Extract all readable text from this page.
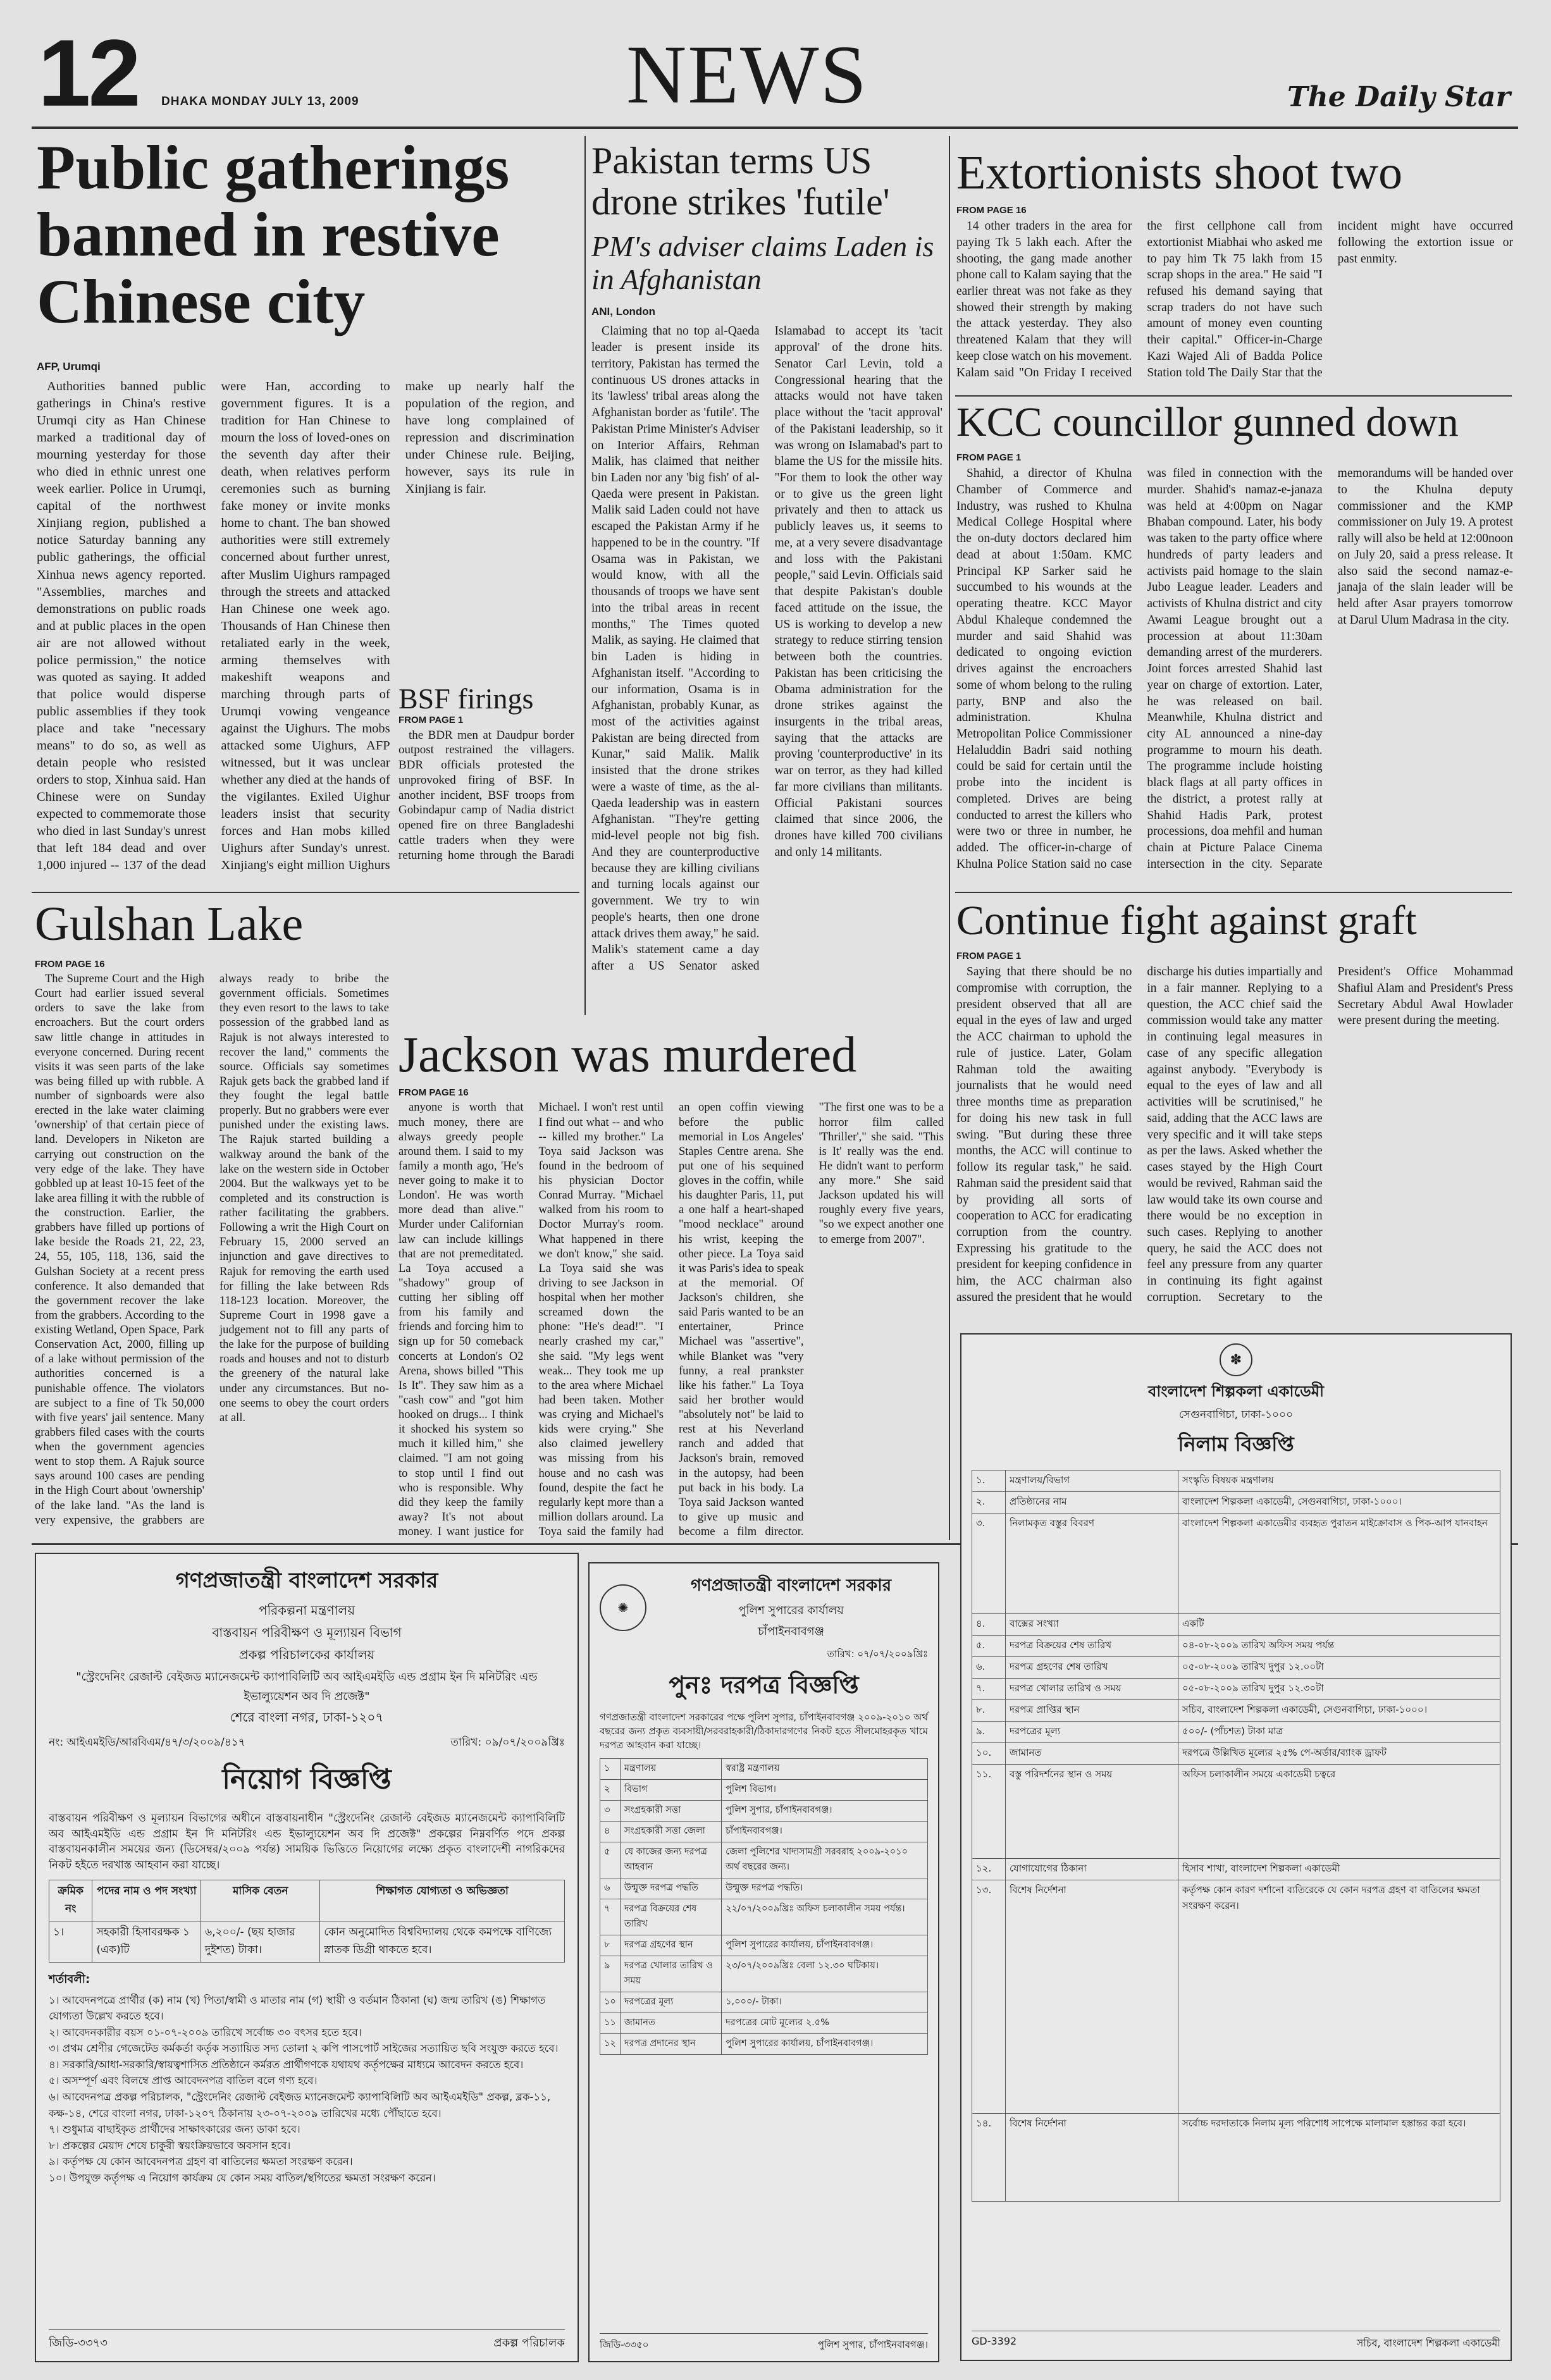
12 DHAKA MONDAY JULY 13, 2009	NEWS	The Daily Star
Public gatherings banned in restive Chinese city

AFP, Urumqi

Authorities banned public gatherings in China's restive Urumqi city as Han Chinese marked a traditional day of mourning yesterday for those who died in ethnic unrest one week earlier. Police in Urumqi, capital of the northwest Xinjiang region, published a notice Saturday banning any public gatherings, the official Xinhua news agency reported. "Assemblies, marches and demonstrations on public roads and at public places in the open air are not allowed without police permission," the notice was quoted as saying. It added that police would disperse public assemblies if they took place and take "necessary means" to do so, as well as detain people who resisted orders to stop, Xinhua said. Han Chinese were on Sunday expected to commemorate those who died in last Sunday's unrest that left 184 dead and over 1,000 injured -- 137 of the dead were Han, according to government figures. It is a tradition for Han Chinese to mourn the loss of loved-ones on the seventh day after their death, when relatives perform ceremonies such as burning fake money or invite monks home to chant. The ban showed authorities were still extremely concerned about further unrest, after Muslim Uighurs rampaged through the streets and attacked Han Chinese one week ago. Thousands of Han Chinese then retaliated early in the week, arming themselves with makeshift weapons and marching through parts of Urumqi vowing vengeance against the Uighurs. The mobs attacked some Uighurs, AFP witnessed, but it was unclear whether any died at the hands of the vigilantes. Exiled Uighur leaders insist that security forces and Han mobs killed Uighurs after Sunday's unrest. Xinjiang's eight million Uighurs make up nearly half the population of the region, and have long complained of repression and discrimination under Chinese rule. Beijing, however, says its rule in Xinjiang is fair.

BSF firings

FROM PAGE 1

the BDR men at Daudpur border outpost restrained the villagers. BDR officials protested the unprovoked firing of BSF. In another incident, BSF troops from Gobindapur camp of Nadia district opened fire on three Bangladeshi cattle traders when they were returning home through the Baradi

Pakistan terms US drone strikes 'futile'

PM's adviser claims Laden is in Afghanistan

ANI, London

Claiming that no top al-Qaeda leader is present inside its territory, Pakistan has termed the continuous US drones attacks in its 'lawless' tribal areas along the Afghanistan border as 'futile'. The Pakistan Prime Minister's Adviser on Interior Affairs, Rehman Malik, has claimed that neither bin Laden nor any 'big fish' of al-Qaeda were present in Pakistan. Malik said Laden could not have escaped the Pakistan Army if he happened to be in the country. "If Osama was in Pakistan, we would know, with all the thousands of troops we have sent into the tribal areas in recent months," The Times quoted Malik, as saying. He claimed that bin Laden is hiding in Afghanistan itself. "According to our information, Osama is in Afghanistan, probably Kunar, as most of the activities against Pakistan are being directed from Kunar," said Malik. Malik insisted that the drone strikes were a waste of time, as the al-Qaeda leadership was in eastern Afghanistan. "They're getting mid-level people not big fish. And they are counterproductive because they are killing civilians and turning locals against our government. We try to win people's hearts, then one drone attack drives them away," he said. Malik's statement came a day after a US Senator asked Islamabad to accept its 'tacit approval' of the drone hits. Senator Carl Levin, told a Congressional hearing that the attacks would not have taken place without the 'tacit approval' of the Pakistani leadership, so it was wrong on Islamabad's part to blame the US for the missile hits. "For them to look the other way or to give us the green light privately and then to attack us publicly leaves us, it seems to me, at a very severe disadvantage and loss with the Pakistani people," said Levin. Officials said that despite Pakistan's double faced attitude on the issue, the US is working to develop a new strategy to reduce stirring tension between both the countries. Pakistan has been criticising the Obama administration for the drone strikes against the insurgents in the tribal areas, saying that the attacks are proving 'counterproductive' in its war on terror, as they had killed far more civilians than militants. Official Pakistani sources claimed that since 2006, the drones have killed 700 civilians and only 14 militants.

Extortionists shoot two

FROM PAGE 16

14 other traders in the area for paying Tk 5 lakh each. After the shooting, the gang made another phone call to Kalam saying that the earlier threat was not fake as they showed their strength by making the attack yesterday. They also threatened Kalam that they will keep close watch on his movement. Kalam said "On Friday I received the first cellphone call from extortionist Miabhai who asked me to pay him Tk 75 lakh from 15 scrap shops in the area." He said "I refused his demand saying that scrap traders do not have such amount of money even counting their capital." Officer-in-Charge Kazi Wajed Ali of Badda Police Station told The Daily Star that the incident might have occurred following the extortion issue or past enmity.

KCC councillor gunned down

FROM PAGE 1

Shahid, a director of Khulna Chamber of Commerce and Industry, was rushed to Khulna Medical College Hospital where the on-duty doctors declared him dead at about 1:50am. KMC Principal KP Sarker said he succumbed to his wounds at the operating theatre. KCC Mayor Abdul Khaleque condemned the murder and said Shahid was dedicated to ongoing eviction drives against the encroachers some of whom belong to the ruling party, BNP and also the administration. Khulna Metropolitan Police Commissioner Helaluddin Badri said nothing could be said for certain until the probe into the incident is completed. Drives are being conducted to arrest the killers who were two or three in number, he added. The officer-in-charge of Khulna Police Station said no case was filed in connection with the murder. Shahid's namaz-e-janaza was held at 4:00pm on Nagar Bhaban compound. Later, his body was taken to the party office where hundreds of party leaders and activists paid homage to the slain Jubo League leader. Leaders and activists of Khulna district and city Awami League brought out a procession at about 11:30am demanding arrest of the murderers. Joint forces arrested Shahid last year on charge of extortion. Later, he was released on bail. Meanwhile, Khulna district and city AL announced a nine-day programme to mourn his death. The programme include hoisting black flags at all party offices in the district, a protest rally at Shahid Hadis Park, protest processions, doa mehfil and human chain at Picture Palace Cinema intersection in the city. Separate memorandums will be handed over to the Khulna deputy commissioner and the KMP commissioner on July 19. A protest rally will also be held at 12:00noon on July 20, said a press release. It also said the second namaz-e-janaja of the slain leader will be held after Asar prayers tomorrow at Darul Ulum Madrasa in the city.

Gulshan Lake

FROM PAGE 16

The Supreme Court and the High Court had earlier issued several orders to save the lake from encroachers. But the court orders saw little change in attitudes in everyone concerned. During recent visits it was seen parts of the lake was being filled up with rubble. A number of signboards were also erected in the lake water claiming 'ownership' of that certain piece of land. Developers in Niketon are carrying out construction on the very edge of the lake. They have gobbled up at least 10-15 feet of the lake area filling it with the rubble of the construction. Earlier, the grabbers have filled up portions of lake beside the Roads 21, 22, 23, 24, 55, 105, 118, 136, said the Gulshan Society at a recent press conference. It also demanded that the government recover the lake from the grabbers. According to the existing Wetland, Open Space, Park Conservation Act, 2000, filling up of a lake without permission of the authorities concerned is a punishable offence. The violators are subject to a fine of Tk 50,000 with five years' jail sentence. Many grabbers filed cases with the courts when the government agencies went to stop them. A Rajuk source says around 100 cases are pending in the High Court about 'ownership' of the lake land. "As the land is very expensive, the grabbers are always ready to bribe the government officials. Sometimes they even resort to the laws to take possession of the grabbed land as Rajuk is not always interested to recover the land," comments the source. Officials say sometimes Rajuk gets back the grabbed land if they fought the legal battle properly. But no grabbers were ever punished under the existing laws. The Rajuk started building a walkway around the bank of the lake on the western side in October 2004. But the walkways yet to be completed and its construction is rather facilitating the grabbers. Following a writ the High Court on February 15, 2000 served an injunction and gave directives to Rajuk for removing the earth used for filling the lake between Rds 118-123 location. Moreover, the Supreme Court in 1998 gave a judgement not to fill any parts of the lake for the purpose of building roads and houses and not to disturb the greenery of the natural lake under any circumstances. But no-one seems to obey the court orders at all.

Jackson was murdered

FROM PAGE 16

anyone is worth that much money, there are always greedy people around them. I said to my family a month ago, 'He's never going to make it to London'. He was worth more dead than alive." Murder under Californian law can include killings that are not premeditated. La Toya accused a "shadowy" group of cutting her sibling off from his family and friends and forcing him to sign up for 50 comeback concerts at London's O2 Arena, shows billed "This Is It". They saw him as a "cash cow" and "got him hooked on drugs... I think it shocked his system so much it killed him," she claimed. "I am not going to stop until I find out who is responsible. Why did they keep the family away? It's not about money. I want justice for Michael. I won't rest until I find out what -- and who -- killed my brother." La Toya said Jackson was found in the bedroom of his physician Doctor Conrad Murray. "Michael walked from his room to Doctor Murray's room. What happened in there we don't know," she said. La Toya said she was driving to see Jackson in hospital when her mother screamed down the phone: "He's dead!". "I nearly crashed my car," she said. "My legs went weak... They took me up to the area where Michael had been taken. Mother was crying and Michael's kids were crying." She also claimed jewellery was missing from his house and no cash was found, despite the fact he regularly kept more than a million dollars around. La Toya said the family had an open coffin viewing before the public memorial in Los Angeles' Staples Centre arena. She put one of his sequined gloves in the coffin, while his daughter Paris, 11, put a one half a heart-shaped "mood necklace" around his wrist, keeping the other piece. La Toya said it was Paris's idea to speak at the memorial. Of Jackson's children, she said Paris wanted to be an entertainer, Prince Michael was "assertive", while Blanket was "very funny, a real prankster like his father." La Toya said her brother would "absolutely not" be laid to rest at his Neverland ranch and added that Jackson's brain, removed in the autopsy, had been put back in his body. La Toya said Jackson wanted to give up music and become a film director. "The first one was to be a horror film called 'Thriller'," she said. "This is It' really was the end. He didn't want to perform any more." She said Jackson updated his will roughly every five years, "so we expect another one to emerge from 2007".

Continue fight against graft

FROM PAGE 1

Saying that there should be no compromise with corruption, the president observed that all are equal in the eyes of law and urged the ACC chairman to uphold the rule of justice. Later, Golam Rahman told the awaiting journalists that he would need three months time as preparation for doing his new task in full swing. "But during these three months, the ACC will continue to follow its regular task," he said. Rahman said the president said that by providing all sorts of cooperation to ACC for eradicating corruption from the country. Expressing his gratitude to the president for keeping confidence in him, the ACC chairman also assured the president that he would discharge his duties impartially and in a fair manner. Replying to a question, the ACC chief said the commission would take any matter in continuing legal measures in case of any specific allegation against anybody. "Everybody is equal to the eyes of law and all activities will be scrutinised," he said, adding that the ACC laws are very specific and it will take steps as per the laws. Asked whether the cases stayed by the High Court would be revived, Rahman said the law would take its own course and there would be no exception in such cases. Replying to another query, he said the ACC does not feel any pressure from any quarter in continuing its fight against corruption. Secretary to the President's Office Mohammad Shafiul Alam and President's Press Secretary Abdul Awal Howlader were present during the meeting.

গণপ্রজাতন্ত্রী বাংলাদেশ সরকার

পরিকল্পনা মন্ত্রণালয়

বাস্তবায়ন পরিবীক্ষণ ও মূল্যায়ন বিভাগ

প্রকল্প পরিচালকের কার্যালয়

"স্ট্রেংদেনিং রেজাল্ট বেইজড ম্যানেজমেন্ট ক্যাপাবিলিটি অব আইএমইডি এন্ড প্রগ্রাম ইন দি মনিটরিং এন্ড ইভাল্যুয়েশন অব দি প্রজেক্ট"

শেরে বাংলা নগর, ঢাকা-১২০৭

নং: আইএমইডি/আরবিএম/৪৭/৩/২০০৯/৪১৭	তারিখ: ০৯/০৭/২০০৯খ্রিঃ

নিয়োগ বিজ্ঞপ্তি

বাস্তবায়ন পরিবীক্ষণ ও মূল্যায়ন বিভাগের অধীনে বাস্তবায়নাধীন "স্ট্রেংদেনিং রেজাল্ট বেইজড ম্যানেজমেন্ট ক্যাপাবিলিটি অব আইএমইডি এন্ড প্রগ্রাম ইন দি মনিটরিং এন্ড ইভাল্যুয়েশন অব দি প্রজেক্ট" প্রকল্পের নিম্নবর্ণিত পদে প্রকল্প বাস্তবায়নকালীন সময়ের জন্য (ডিসেম্বর/২০০৯ পর্যন্ত) সাময়িক ভিত্তিতে নিয়োগের লক্ষ্যে প্রকৃত বাংলাদেশী নাগরিকদের নিকট হইতে দরখাস্ত আহবান করা যাচ্ছে।

ক্রমিক নং	পদের নাম ও পদ সংখ্যা	মাসিক বেতন	শিক্ষাগত যোগ্যতা ও অভিজ্ঞতা
১।	সহকারী হিসাবরক্ষক ১ (এক)টি	৬,২০০/- (ছয় হাজার দুইশত) টাকা।	কোন অনুমোদিত বিশ্ববিদ্যালয় থেকে কমপক্ষে বাণিজ্যে স্নাতক ডিগ্রী থাকতে হবে।

শর্তাবলী:

১। আবেদনপত্রে প্রার্থীর (ক) নাম (খ) পিতা/স্বামী ও মাতার নাম (গ) স্থায়ী ও বর্তমান ঠিকানা (ঘ) জন্ম তারিখ (ঙ) শিক্ষাগত যোগ্যতা উল্লেখ করতে হবে।
২। আবেদনকারীর বয়স ০১-০৭-২০০৯ তারিখে সর্বোচ্চ ৩০ বৎসর হতে হবে।
৩। প্রথম শ্রেণীর গেজেটেড কর্মকর্তা কর্তৃক সত্যায়িত সদ্য তোলা ২ কপি পাসপোর্ট সাইজের সত্যায়িত ছবি সংযুক্ত করতে হবে।
৪। সরকারি/আধা-সরকারি/স্বায়ত্বশাসিত প্রতিষ্ঠানে কর্মরত প্রার্থীগণকে যথাযথ কর্তৃপক্ষের মাধ্যমে আবেদন করতে হবে।
৫। অসম্পূর্ণ এবং বিলম্বে প্রাপ্ত আবেদনপত্র বাতিল বলে গণ্য হবে।
৬। আবেদনপত্র প্রকল্প পরিচালক, "স্ট্রেংদেনিং রেজাল্ট বেইজড ম্যানেজমেন্ট ক্যাপাবিলিটি অব আইএমইডি" প্রকল্প, ব্লক-১১, কক্ষ-১৪, শেরে বাংলা নগর, ঢাকা-১২০৭ ঠিকানায় ২৩-০৭-২০০৯ তারিখের মধ্যে পৌঁছাতে হবে।
৭। শুধুমাত্র বাছাইকৃত প্রার্থীদের সাক্ষাৎকারের জন্য ডাকা হবে।
৮। প্রকল্পের মেয়াদ শেষে চাকুরী স্বয়ংক্রিয়ভাবে অবসান হবে।
৯। কর্তৃপক্ষ যে কোন আবেদনপত্র গ্রহণ বা বাতিলের ক্ষমতা সংরক্ষণ করেন।
১০। উপযুক্ত কর্তৃপক্ষ এ নিয়োগ কার্যক্রম যে কোন সময় বাতিল/স্থগিতের ক্ষমতা সংরক্ষণ করেন।
জিডি-৩৩৭৩	প্রকল্প পরিচালক
✺

গণপ্রজাতন্ত্রী বাংলাদেশ সরকার

পুলিশ সুপারের কার্যালয়

চাঁপাইনবাবগঞ্জ

তারিখ: ০৭/০৭/২০০৯খ্রিঃ

পুনঃ দরপত্র বিজ্ঞপ্তি

গণপ্রজাতন্ত্রী বাংলাদেশ সরকারের পক্ষে পুলিশ সুপার, চাঁপাইনবাবগঞ্জ ২০০৯-২০১০ অর্থ বছরের জন্য প্রকৃত ব্যবসায়ী/সরবরাহকারী/ঠিকাদারগণের নিকট হতে সীলমোহরকৃত খামে দরপত্র আহবান করা যাচ্ছে।

১	মন্ত্রণালয়	স্বরাষ্ট্র মন্ত্রণালয়
২	বিভাগ	পুলিশ বিভাগ।
৩	সংগ্রহকারী সত্তা	পুলিশ সুপার, চাঁপাইনবাবগঞ্জ।
৪	সংগ্রহকারী সত্তা জেলা	চাঁপাইনবাবগঞ্জ।
৫	যে কাজের জন্য দরপত্র আহবান	জেলা পুলিশের খাদ্যসামগ্রী সরবরাহ ২০০৯-২০১০ অর্থ বছরের জন্য।
৬	উন্মুক্ত দরপত্র পদ্ধতি	উন্মুক্ত দরপত্র পদ্ধতি।
৭	দরপত্র বিক্রয়ের শেষ তারিখ	২২/০৭/২০০৯খ্রিঃ অফিস চলাকালীন সময় পর্যন্ত।
৮	দরপত্র গ্রহণের স্থান	পুলিশ সুপারের কার্যালয়, চাঁপাইনবাবগঞ্জ।
৯	দরপত্র খোলার তারিখ ও সময়	২৩/০৭/২০০৯খ্রিঃ বেলা ১২.৩০ ঘটিকায়।
১০	দরপত্রের মূল্য	১,০০০/- টাকা।
১১	জামানত	দরপত্রের মোট মূল্যের ২.৫%
১২	দরপত্র প্রদানের স্থান	পুলিশ সুপারের কার্যালয়, চাঁপাইনবাবগঞ্জ।
জিডি-৩৩৫০	পুলিশ সুপার, চাঁপাইনবাবগঞ্জ।
✽

বাংলাদেশ শিল্পকলা একাডেমী

সেগুনবাগিচা, ঢাকা-১০০০

নিলাম বিজ্ঞপ্তি

১.	মন্ত্রণালয়/বিভাগ	সংস্কৃতি বিষয়ক মন্ত্রণালয়
২.	প্রতিষ্ঠানের নাম	বাংলাদেশ শিল্পকলা একাডেমী, সেগুনবাগিচা, ঢাকা-১০০০।
৩.	নিলামকৃত বস্তুর বিবরণ	বাংলাদেশ শিল্পকলা একাডেমীর ব্যবহৃত পুরাতন মাইক্রোবাস ও পিক-আপ যানবাহন
৪.	বাক্সের সংখ্যা	একটি
৫.	দরপত্র বিক্রয়ের শেষ তারিখ	০৪-০৮-২০০৯ তারিখ অফিস সময় পর্যন্ত
৬.	দরপত্র গ্রহণের শেষ তারিখ	০৫-০৮-২০০৯ তারিখ দুপুর ১২.০০টা
৭.	দরপত্র খোলার তারিখ ও সময়	০৫-০৮-২০০৯ তারিখ দুপুর ১২.৩০টা
৮.	দরপত্র প্রাপ্তির স্থান	সচিব, বাংলাদেশ শিল্পকলা একাডেমী, সেগুনবাগিচা, ঢাকা-১০০০।
৯.	দরপত্রের মূল্য	৫০০/- (পাঁচশত) টাকা মাত্র
১০.	জামানত	দরপত্রে উল্লিখিত মূল্যের ২৫% পে-অর্ডার/ব্যাংক ড্রাফট
১১.	বস্তু পরিদর্শনের স্থান ও সময়	অফিস চলাকালীন সময়ে একাডেমী চত্বরে
১২.	যোগাযোগের ঠিকানা	হিসাব শাখা, বাংলাদেশ শিল্পকলা একাডেমী
১৩.	বিশেষ নির্দেশনা	কর্তৃপক্ষ কোন কারণ দর্শানো ব্যতিরেকে যে কোন দরপত্র গ্রহণ বা বাতিলের ক্ষমতা সংরক্ষণ করেন।
১৪.	বিশেষ নির্দেশনা	সর্বোচ্চ দরদাতাকে নিলাম মূল্য পরিশোধ সাপেক্ষে মালামাল হস্তান্তর করা হবে।
GD-3392	সচিব, বাংলাদেশ শিল্পকলা একাডেমী
